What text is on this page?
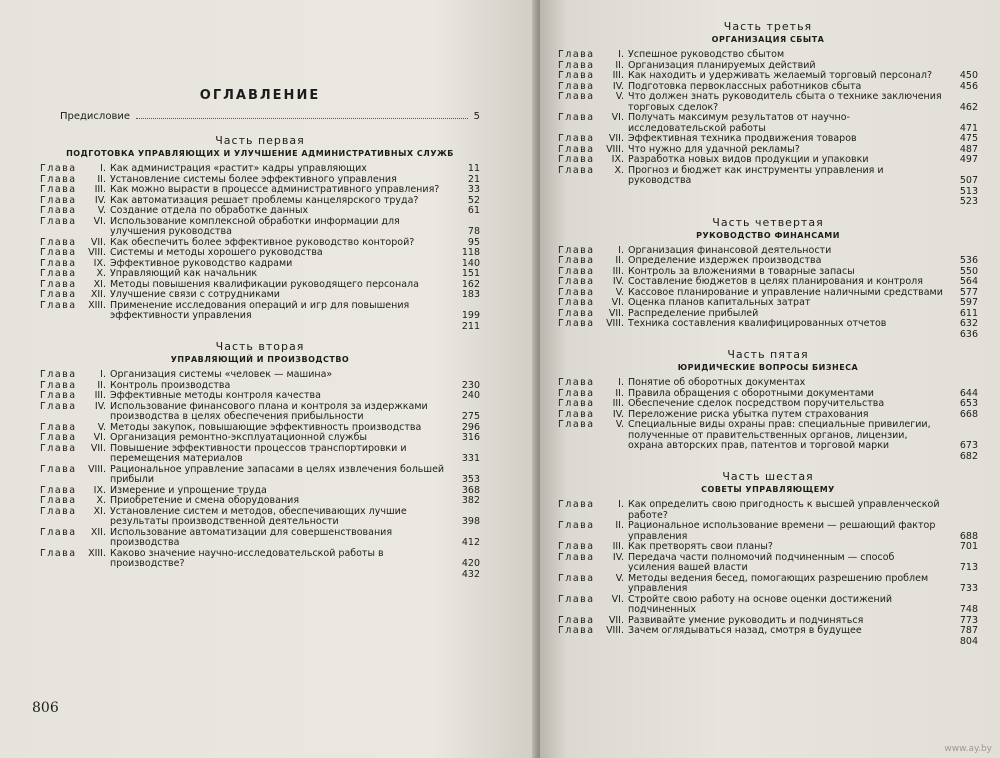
ОГЛАВЛЕНИЕ
Предисловие	5
Часть первая
ПОДГОТОВКА УПРАВЛЯЮЩИХ И УЛУЧШЕНИЕ АДМИНИСТРАТИВНЫХ СЛУЖБ
Глава	I. Как администрация «растит» кадры управляющих	11
Глава	II. Установление системы более эффективного управления	21
Глава	III. Как можно вырасти в процессе административного управления?	33
Глава	IV. Как автоматизация решает проблемы канцелярского труда?	52
Глава	V. Создание отдела по обработке данных	61
Глава	VI. Использование комплексной обработки информации для улучшения руководства	78
Глава	VII. Как обеспечить более эффективное руководство конторой?	95
Глава	VIII. Системы и методы хорошего руководства	118
Глава	IX. Эффективное руководство кадрами	140
Глава	X. Управляющий как начальник	151
Глава	XI. Методы повышения квалификации руководящего персонала	162
Глава	XII. Улучшение связи с сотрудниками	183
Глава	XIII. Применение исследования операций и игр для повышения эффективности управления	199
211
Часть вторая
УПРАВЛЯЮЩИЙ И ПРОИЗВОДСТВО
Глава	I. Организация системы «человек — машина»
Глава	II. Контроль производства	230
Глава	III. Эффективные методы контроля качества	240
Глава	IV. Использование финансового плана и контроля за издержками производства в целях обеспечения прибыльности	275
Глава	V. Методы закупок, повышающие эффективность производства	296
Глава	VI. Организация ремонтно-эксплуатационной службы	316
Глава	VII. Повышение эффективности процессов транспортировки и перемещения материалов	331
Глава	VIII. Рациональное управление запасами в целях извлечения большей прибыли	353
Глава	IX. Измерение и упрощение труда	368
Глава	X. Приобретение и смена оборудования	382
Глава	XI. Установление систем и методов, обеспечивающих лучшие результаты производственной деятельности	398
Глава	XII. Использование автоматизации для совершенствования производства	412
Глава	XIII. Каково значение научно-исследовательской работы в производстве?	420
432
806
Часть третья
ОРГАНИЗАЦИЯ СБЫТА
Глава	I. Успешное руководство сбытом
Глава	II. Организация планируемых действий
Глава	III. Как находить и удерживать желаемый торговый персонал?	450
Глава	IV. Подготовка первоклассных работников сбыта	456
Глава	V. Что должен знать руководитель сбыта о технике заключения торговых сделок?	462
Глава	VI. Получать максимум результатов от научно-исследовательской работы	471
Глава	VII. Эффективная техника продвижения товаров	475
Глава	VIII. Что нужно для удачной рекламы?	487
Глава	IX. Разработка новых видов продукции и упаковки	497
Глава	X. Прогноз и бюджет как инструменты управления и руководства	507
513
523
Часть четвертая
РУКОВОДСТВО ФИНАНСАМИ
Глава	I. Организация финансовой деятельности
Глава	II. Определение издержек производства	536
Глава	III. Контроль за вложениями в товарные запасы	550
Глава	IV. Составление бюджетов в целях планирования и контроля	564
Глава	V. Кассовое планирование и управление наличными средствами	577
Глава	VI. Оценка планов капитальных затрат	597
Глава	VII. Распределение прибылей	611
Глава	VIII. Техника составления квалифицированных отчетов	632
636
Часть пятая
ЮРИДИЧЕСКИЕ ВОПРОСЫ БИЗНЕСА
Глава	I. Понятие об оборотных документах
Глава	II. Правила обращения с оборотными документами	644
Глава	III. Обеспечение сделок посредством поручительства	653
Глава	IV. Переложение риска убытка путем страхования	668
Глава	V. Специальные виды охраны прав: специальные привилегии, полученные от правительственных органов, лицензии, охрана авторских прав, патентов и торговой марки	673
682
Часть шестая
СОВЕТЫ УПРАВЛЯЮЩЕМУ
Глава	I. Как определить свою пригодность к высшей управленческой работе?
Глава	II. Рациональное использование времени — решающий фактор управления	688
Глава	III. Как претворять свои планы?	701
Глава	IV. Передача части полномочий подчиненным — способ усиления вашей власти	713
Глава	V. Методы ведения бесед, помогающих разрешению проблем управления	733
Глава	VI. Стройте свою работу на основе оценки достижений подчиненных	748
Глава	VII. Развивайте умение руководить и подчиняться	773
Глава	VIII. Зачем оглядываться назад, смотря в будущее	787
804
www.ay.by
